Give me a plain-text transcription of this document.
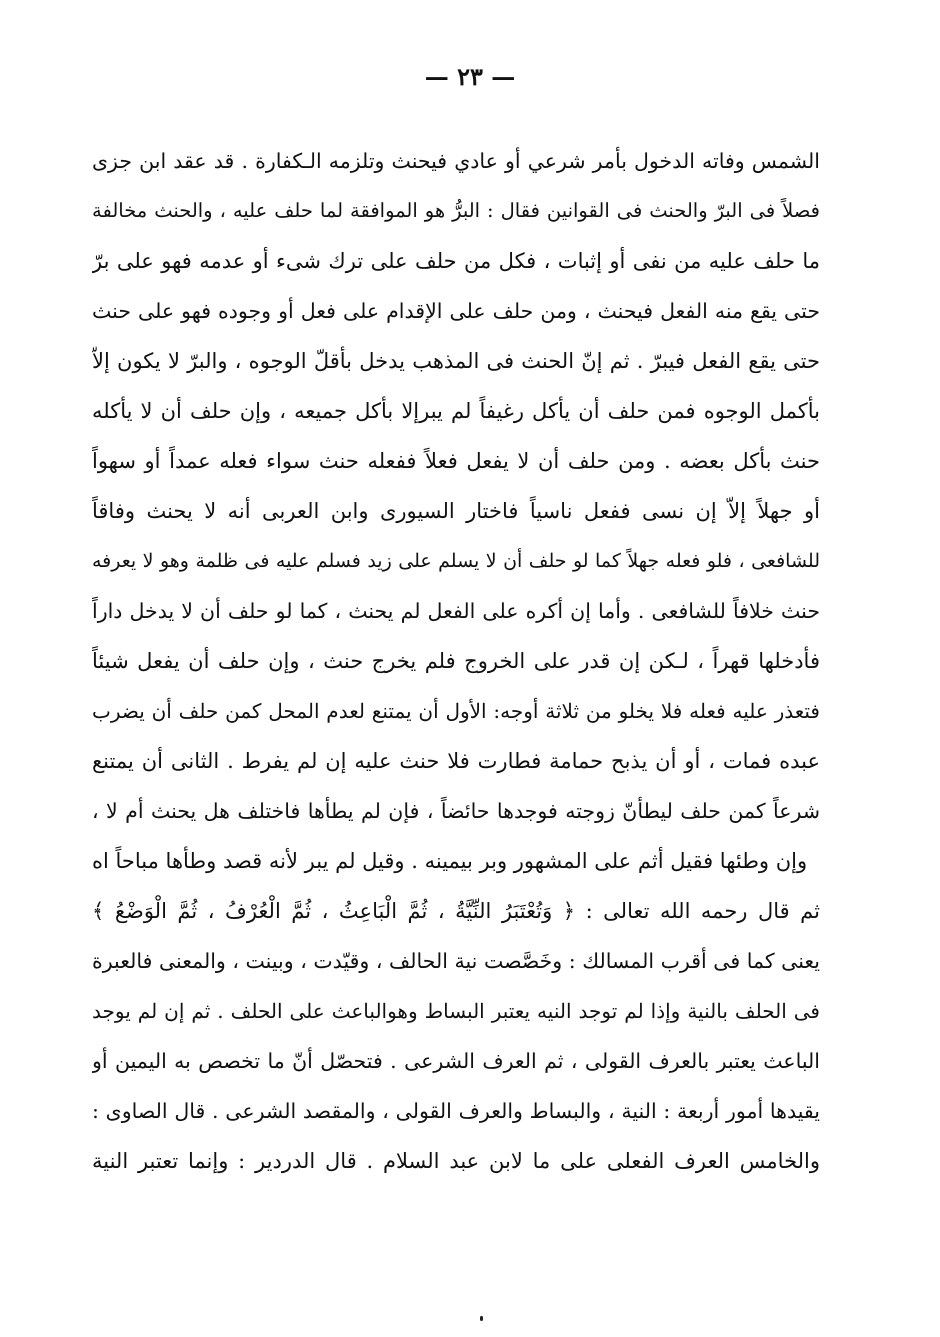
— ٢٣ —
الشمس وفاته الدخول بأمر شرعي أو عادي فيحنث وتلزمه الـكفارة . قد عقد ابن جزى
فصلاً فى البرّ والحنث فى القوانين فقال : البرُّ هو الموافقة لما حلف عليه ، والحنث مخالفة
ما حلف عليه من نفى أو إثبات ، فكل من حلف على ترك شىء أو عدمه فهو على برّ
حتى يقع منه الفعل فيحنث ، ومن حلف على الإقدام على فعل أو وجوده فهو على حنث
حتى يقع الفعل فيبرّ . ثم إنّ الحنث فى المذهب يدخل بأقلّ الوجوه ، والبرّ لا يكون إلاّ
بأكمل الوجوه فمن حلف أن يأكل رغيفاً لم يبرإلا بأكل جميعه ، وإن حلف أن لا يأكله
حنث بأكل بعضه . ومن حلف أن لا يفعل فعلاً ففعله حنث سواء فعله عمداً أو سهواً
أو جهلاً إلاّ إن نسى ففعل ناسياً فاختار السيورى وابن العربى أنه لا يحنث وفاقاً
للشافعى ، فلو فعله جهلاً كما لو حلف أن لا يسلم على زيد فسلم عليه فى ظلمة وهو لا يعرفه
حنث خلافاً للشافعى . وأما إن أكره على الفعل لم يحنث ، كما لو حلف أن لا يدخل داراً
فأدخلها قهراً ، لـكن إن قدر على الخروج فلم يخرج حنث ، وإن حلف أن يفعل شيئاً
فتعذر عليه فعله فلا يخلو من ثلاثة أوجه: الأول أن يمتنع لعدم المحل كمن حلف أن يضرب
عبده فمات ، أو أن يذبح حمامة فطارت فلا حنث عليه إن لم يفرط . الثانى أن يمتنع
شرعاً كمن حلف ليطأنّ زوجته فوجدها حائضاً ، فإن لم يطأها فاختلف هل يحنث أم لا ،
وإن وطئها فقيل أثم على المشهور وبر بيمينه . وقيل لم يبر لأنه قصد وطأها مباحاً اه
ثم قال رحمه الله تعالى : ﴿ وَتُعْتَبَرُ النِّيَّةُ ، ثُمَّ الْبَاعِثُ ، ثُمَّ الْعُرْفُ ، ثُمَّ الْوَضْعُ ﴾
يعنى كما فى أقرب المسالك : وخَصَّصت نية الحالف ، وقيّدت ، وبينت ، والمعنى فالعبرة
فى الحلف بالنية وإذا لم توجد النيه يعتبر البساط وهوالباعث على الحلف . ثم إن لم يوجد
الباعث يعتبر بالعرف القولى ، ثم العرف الشرعى . فتحصّل أنّ ما تخصص به اليمين أو
يقيدها أمور أربعة : النية ، والبساط والعرف القولى ، والمقصد الشرعى . قال الصاوى :
والخامس العرف الفعلى على ما لابن عبد السلام . قال الدردير : وإنما تعتبر النية
